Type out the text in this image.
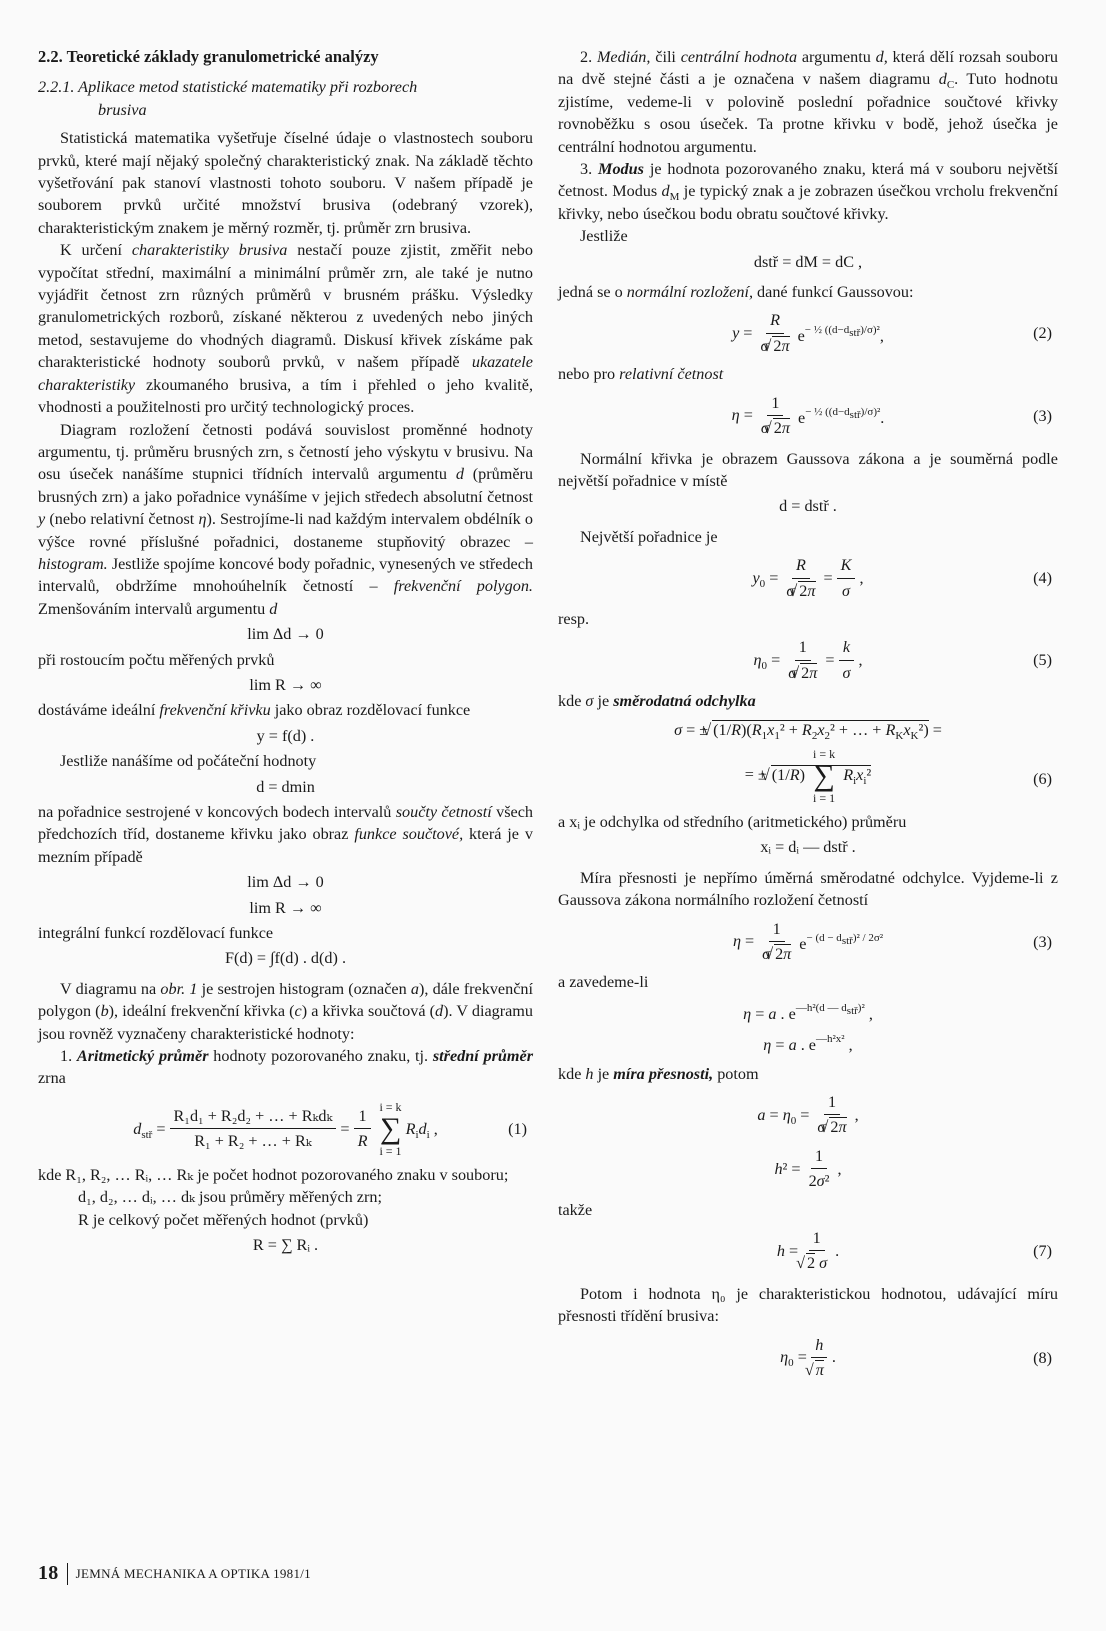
2.2. Teoretické základy granulometrické analýzy
2.2.1. Aplikace metod statistické matematiky při rozborech
brusiva

Statistická matematika vyšetřuje číselné údaje o vlastnostech souboru prvků, které mají nějaký společný charakteristický znak. Na základě těchto vyšetřování pak stanoví vlastnosti tohoto souboru. V našem případě je souborem prvků určité množství brusiva (odebraný vzorek), charakteristickým znakem je měrný rozměr, tj. průměr zrn brusiva.

K určení charakteristiky brusiva nestačí pouze zjistit, změřit nebo vypočítat střední, maximální a minimální průměr zrn, ale také je nutno vyjádřit četnost zrn různých průměrů v brusném prášku. Výsledky granulometrických rozborů, získané některou z uvedených nebo jiných metod, sestavujeme do vhodných diagramů. Diskusí křivek získáme pak charakteristické hodnoty souborů prvků, v našem případě ukazatele charakteristiky zkoumaného brusiva, a tím i přehled o jeho kvalitě, vhodnosti a použitelnosti pro určitý technologický proces.

Diagram rozložení četnosti podává souvislost proměnné hodnoty argumentu, tj. průměru brusných zrn, s četností jeho výskytu v brusivu. Na osu úseček nanášíme stupnici třídních intervalů argumentu d (průměru brusných zrn) a jako pořadnice vynášíme v jejich středech absolutní četnost y (nebo relativní četnost η). Sestrojíme-li nad každým intervalem obdélník o výšce rovné příslušné pořadnici, dostaneme stupňovitý obrazec – histogram. Jestliže spojíme koncové body pořadnic, vynesených ve středech intervalů, obdržíme mnohoúhelník četností – frekvenční polygon. Zmenšováním intervalů argumentu d

lim Δd → 0

při rostoucím počtu měřených prvků

lim R → ∞

dostáváme ideální frekvenční křivku jako obraz rozdělovací funkce

y = f(d) .

Jestliže nanášíme od počáteční hodnoty

d = dmin

na pořadnice sestrojené v koncových bodech intervalů součty četností všech předchozích tříd, dostaneme křivku jako obraz funkce součtové, která je v mezním případě

lim Δd → 0
lim R → ∞

integrální funkcí rozdělovací funkce

F(d) = ∫f(d) . d(d) .

V diagramu na obr. 1 je sestrojen histogram (označen a), dále frekvenční polygon (b), ideální frekvenční křivka (c) a křivka součtová (d). V diagramu jsou rovněž vyznačeny charakteristické hodnoty:

1. Aritmetický průměr hodnoty pozorovaného znaku, tj. střední průměr zrna

$d_{stř} = \frac{\text{R₁d₁ + R₂d₂ + … + Rₖdₖ}}{\text{R₁ + R₂ + … + Rₖ}} = \frac{1}{R}$ i = k
∑
i = 1
$R_id_i$ ,	(1)

kde R₁, R₂, … Rᵢ, … Rₖ je počet hodnot pozorovaného znaku v souboru;

d₁, d₂, … dᵢ, … dₖ jsou průměry měřených zrn;

R je celkový počet měřených hodnot (prvků)

R = ∑ Rᵢ .

2. Medián, čili centrální hodnota argumentu d, která dělí rozsah souboru na dvě stejné části a je označena v našem diagramu $d_C$. Tuto hodnotu zjistíme, vedeme-li v polovině poslední pořadnice součtové křivky rovnoběžku s osou úseček. Ta protne křivku v bodě, jehož úsečka je centrální hodnotou argumentu.

3. Modus je hodnota pozorovaného znaku, která má v souboru největší četnost. Modus $d_M$ je typický znak a je zobrazen úsečkou vrcholu frekvenční křivky, nebo úsečkou bodu obratu součtové křivky.

Jestliže

dstř = dM = dC ,

jedná se o normální rozložení, dané funkcí Gaussovou:

$y = \frac{R}{\sigma √ 2\pi} e^{- \frac{1}{2} ((d-d_{stř})/\sigma)^2}$,	(2)

nebo pro relativní četnost

$\eta = \frac{1}{\sigma √ 2\pi} e^{- \frac{1}{2} ((d-d_{stř})/\sigma)^2}$.	(3)

Normální křivka je obrazem Gaussova zákona a je souměrná podle největší pořadnice v místě

d = dstř .

Největší pořadnice je

$y_0 = \frac{R}{\sigma √ 2\pi} = \frac{K}{\sigma}$ ,	(4)

resp.

$\eta_0 = \frac{1}{\sigma √ 2\pi} = \frac{k}{\sigma}$ ,	(5)

kde σ je směrodatná odchylka

σ = ± √ $(1/R)(R_1x_1^2 + R_2x_2^2$ + … + $R_Kx_K^2$) =
= ± √ (1/R)
i = k
∑
i = 1
$R_ix_i^2$	(6)

a xᵢ je odchylka od středního (aritmetického) průměru

xᵢ = dᵢ — dstř .

Míra přesnosti je nepřímo úměrná směrodatné odchylce. Vyjdeme-li z Gaussova zákona normálního rozložení četností

$\eta = \frac{1}{\sigma √ 2\pi} e^{- (d - d_{stř})^2 / 2\sigma^2}$	(3)

a zavedeme-li

η = a . $e^{—h^2(d — d_{stř})^2}$ ,
η = a . $e^{—h^2x^2}$ ,

kde h je míra přesnosti, potom

$a = \eta_0 = \frac{1}{\sigma √ 2\pi}$ ,
$h^2 = \frac{1}{\text{2σ²}}$ ,

takže

h = 1
√ 2 σ .	(7)

Potom i hodnota η₀ je charakteristickou hodnotou, udávající míru přesnosti třídění brusiva:

$\eta_0 = h$
√ π .	(8)
18 JEMNÁ MECHANIKA A OPTIKA 1981/1
